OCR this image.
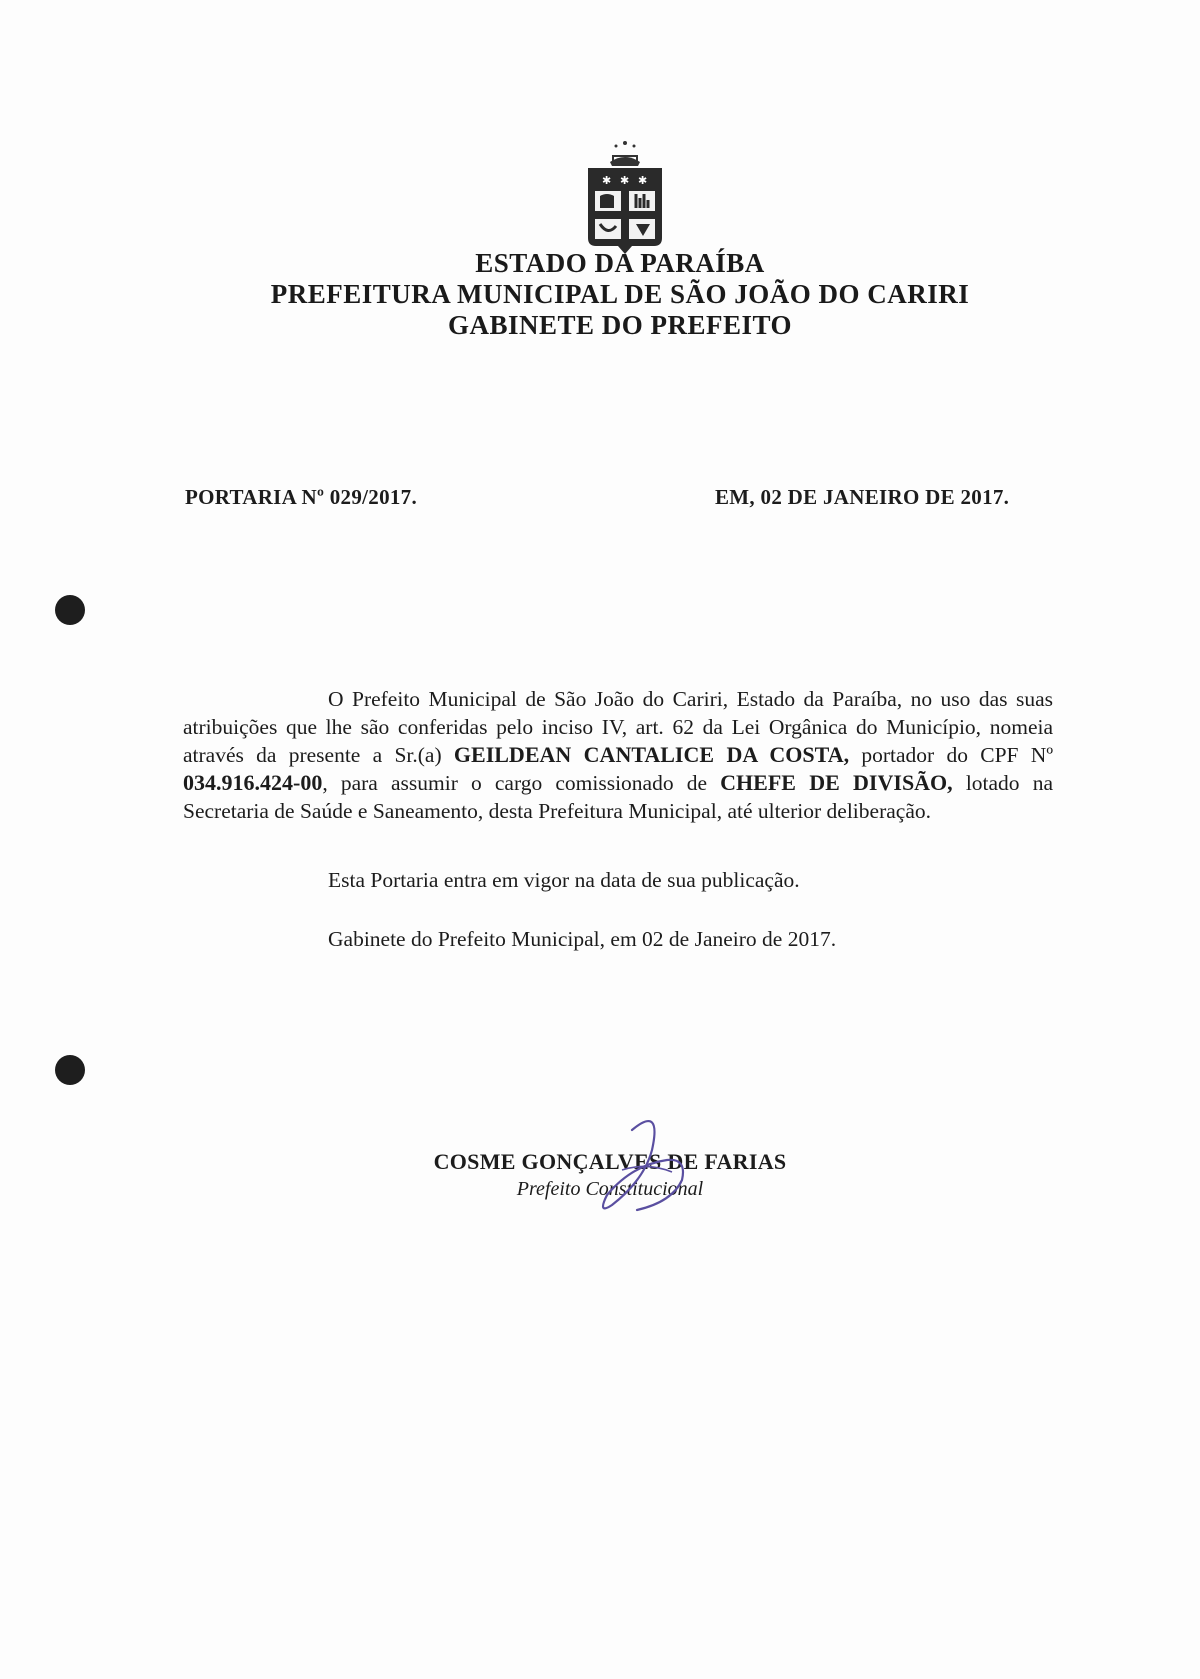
✱ ✱ ✱
ESTADO DA PARAÍBA
PREFEITURA MUNICIPAL DE SÃO JOÃO DO CARIRI
GABINETE DO PREFEITO
PORTARIA Nº 029/2017.	EM, 02 DE JANEIRO DE 2017.
O Prefeito Municipal de São João do Cariri, Estado da Paraíba, no uso das suas atribuições que lhe são conferidas pelo inciso IV, art. 62 da Lei Orgânica do Município, nomeia através da presente a Sr.(a) GEILDEAN CANTALICE DA COSTA, portador do CPF Nº 034.916.424-00, para assumir o cargo comissionado de CHEFE DE DIVISÃO, lotado na Secretaria de Saúde e Saneamento, desta Prefeitura Municipal, até ulterior deliberação.
Esta Portaria entra em vigor na data de sua publicação.
Gabinete do Prefeito Municipal, em 02 de Janeiro de 2017.
COSME GONÇALVES DE FARIAS
Prefeito Constitucional
